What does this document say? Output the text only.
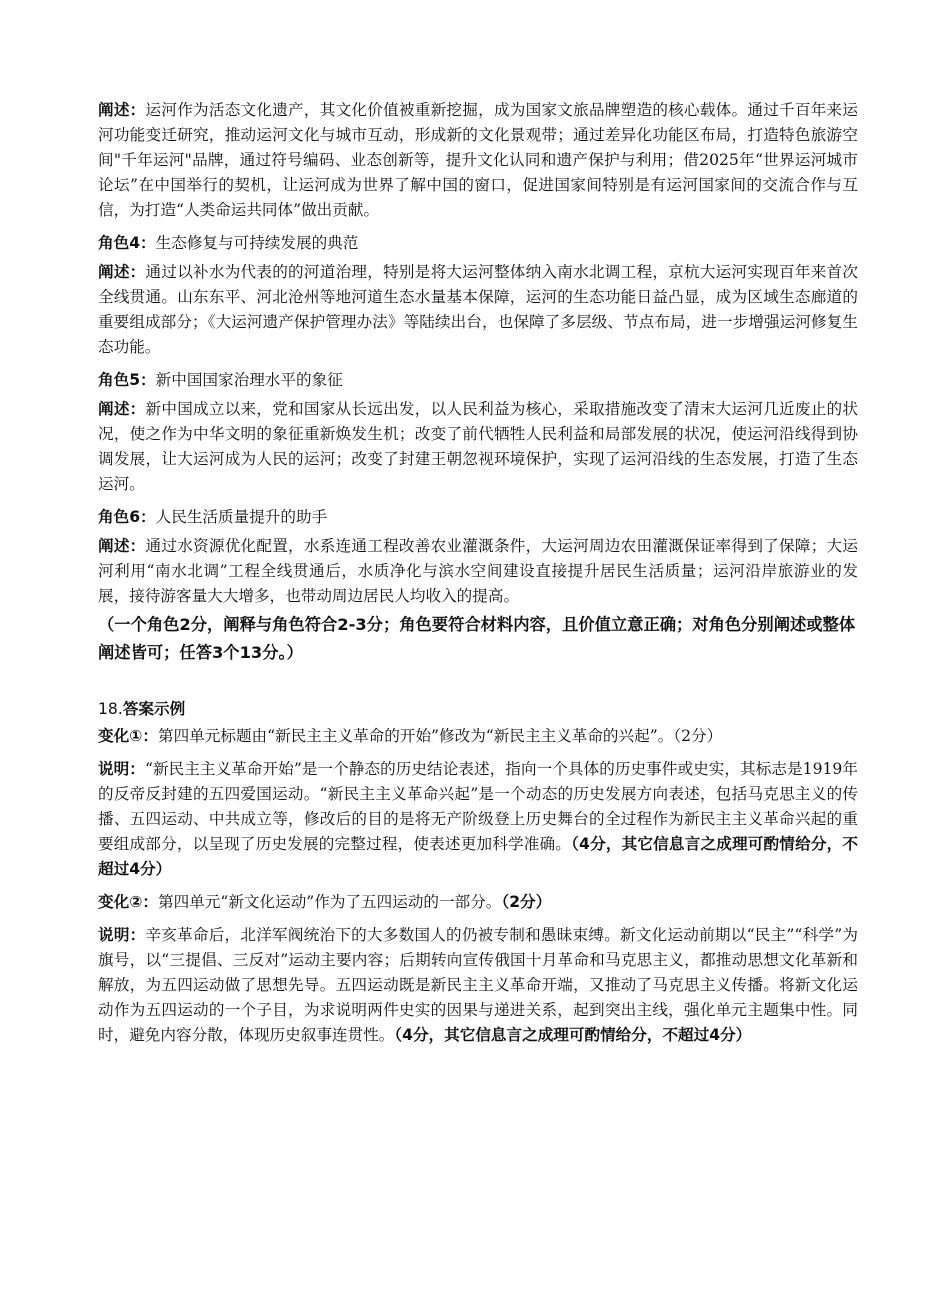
阐述：运河作为活态文化遗产，其文化价值被重新挖掘，成为国家文旅品牌塑造的核心载体。通过千百年来运河功能变迁研究，推动运河文化与城市互动，形成新的文化景观带；通过差异化功能区布局，打造特色旅游空间"千年运河"品牌，通过符号编码、业态创新等，提升文化认同和遗产保护与利用；借2025年“世界运河城市论坛”在中国举行的契机，让运河成为世界了解中国的窗口，促进国家间特别是有运河国家间的交流合作与互信，为打造“人类命运共同体”做出贡献。

角色4：生态修复与可持续发展的典范

阐述：通过以补水为代表的的河道治理，特别是将大运河整体纳入南水北调工程，京杭大运河实现百年来首次全线贯通。山东东平、河北沧州等地河道生态水量基本保障，运河的生态功能日益凸显，成为区域生态廊道的重要组成部分；《大运河遗产保护管理办法》等陆续出台，也保障了多层级、节点布局，进一步增强运河修复生态功能。

角色5：新中国国家治理水平的象征

阐述：新中国成立以来，党和国家从长远出发，以人民利益为核心，采取措施改变了清末大运河几近废止的状况，使之作为中华文明的象征重新焕发生机；改变了前代牺牲人民利益和局部发展的状况，使运河沿线得到协调发展，让大运河成为人民的运河；改变了封建王朝忽视环境保护，实现了运河沿线的生态发展，打造了生态运河。

角色6：人民生活质量提升的助手

阐述：通过水资源优化配置，水系连通工程改善农业灌溉条件，大运河周边农田灌溉保证率得到了保障；大运河利用“南水北调”工程全线贯通后，水质净化与滨水空间建设直接提升居民生活质量；运河沿岸旅游业的发展，接待游客量大大增多，也带动周边居民人均收入的提高。

（一个角色2分，阐释与角色符合2-3分；角色要符合材料内容，且价值立意正确；对角色分别阐述或整体阐述皆可；任答3个13分。）

18.答案示例

变化①：第四单元标题由“新民主主义革命的开始”修改为“新民主主义革命的兴起”。（2分）

说明：“新民主主义革命开始”是一个静态的历史结论表述，指向一个具体的历史事件或史实，其标志是1919年的反帝反封建的五四爱国运动。“新民主主义革命兴起”是一个动态的历史发展方向表述，包括马克思主义的传播、五四运动、中共成立等，修改后的目的是将无产阶级登上历史舞台的全过程作为新民主主义革命兴起的重要组成部分，以呈现了历史发展的完整过程，使表述更加科学准确。（4分，其它信息言之成理可酌情给分，不超过4分）

变化②：第四单元“新文化运动”作为了五四运动的一部分。（2分）

说明：辛亥革命后，北洋军阀统治下的大多数国人的仍被专制和愚昧束缚。新文化运动前期以“民主”“科学”为旗号，以“三提倡、三反对”运动主要内容；后期转向宣传俄国十月革命和马克思主义，都推动思想文化革新和解放，为五四运动做了思想先导。五四运动既是新民主主义革命开端，又推动了马克思主义传播。将新文化运动作为五四运动的一个子目，为求说明两件史实的因果与递进关系，起到突出主线，强化单元主题集中性。同时，避免内容分散，体现历史叙事连贯性。（4分，其它信息言之成理可酌情给分，不超过4分）
